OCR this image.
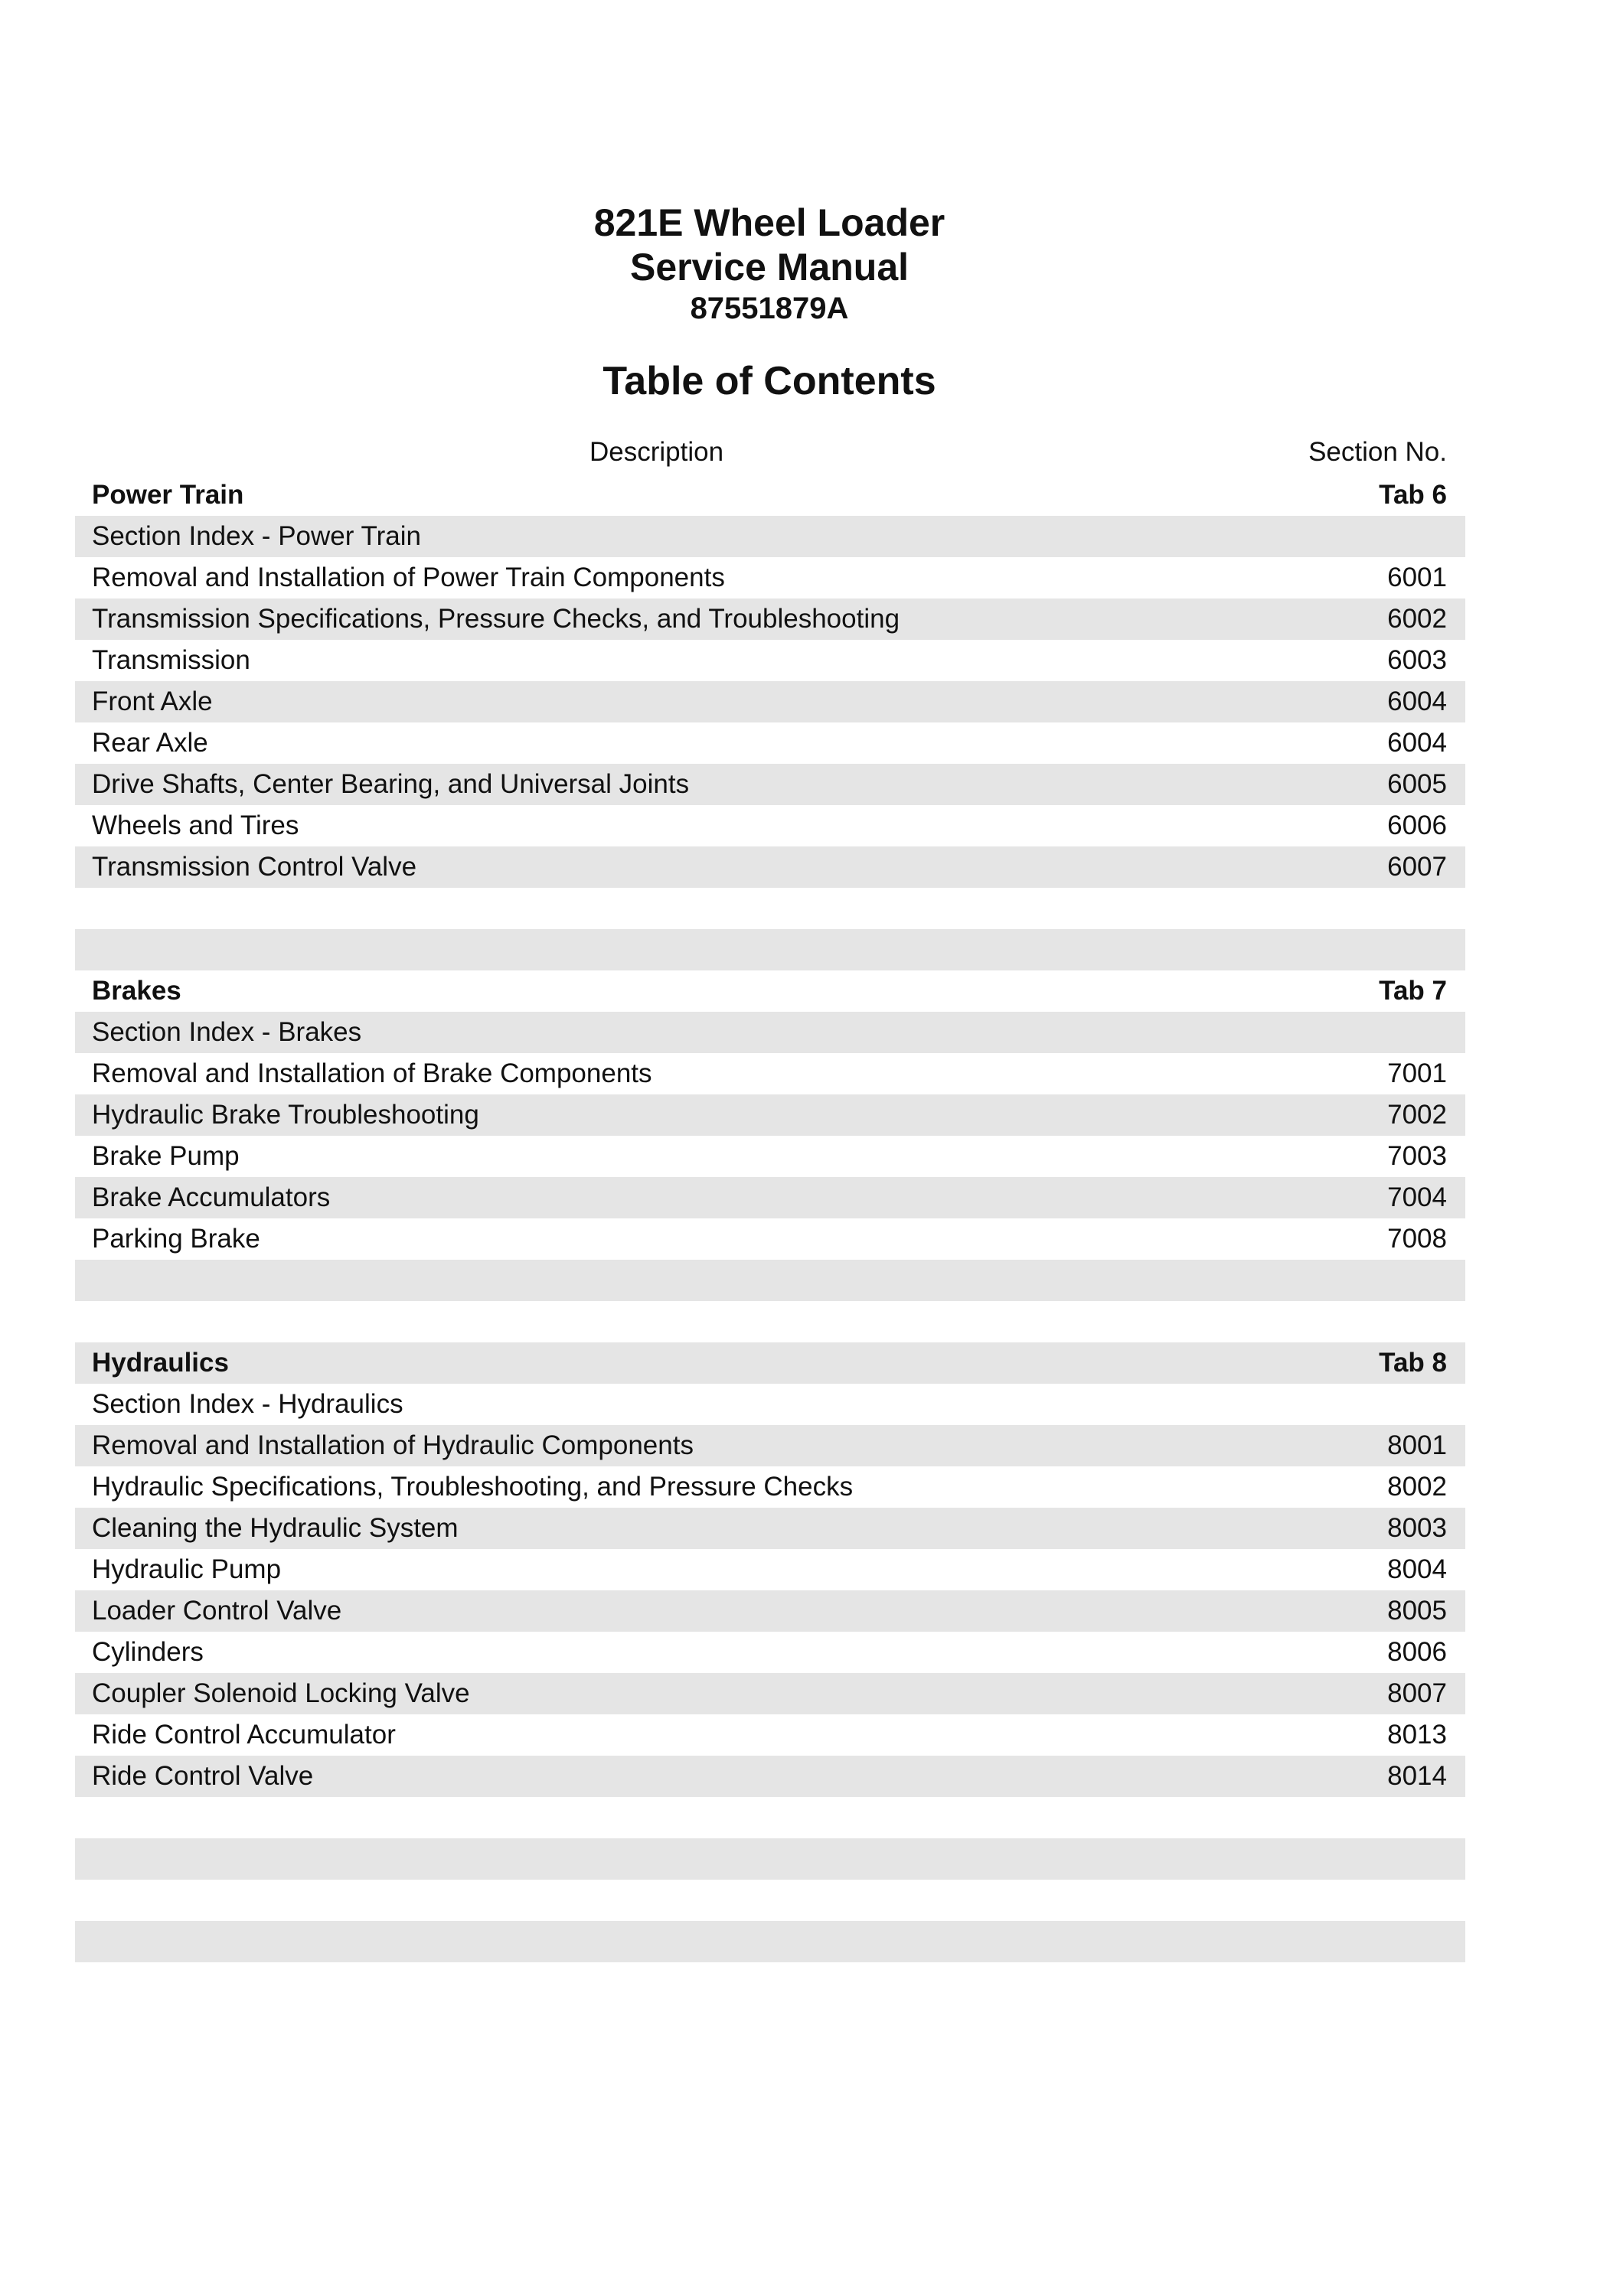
821E Wheel Loader

Service Manual

87551879A

Table of Contents

Description	Section No.
Power Train	Tab 6
Section Index - Power Train
Removal and Installation of Power Train Components	6001
Transmission Specifications, Pressure Checks, and Troubleshooting	6002
Transmission	6003
Front Axle	6004
Rear Axle	6004
Drive Shafts, Center Bearing, and Universal Joints	6005
Wheels and Tires	6006
Transmission Control Valve	6007
Brakes	Tab 7
Section Index - Brakes
Removal and Installation of Brake Components	7001
Hydraulic Brake Troubleshooting	7002
Brake Pump	7003
Brake Accumulators	7004
Parking Brake	7008
Hydraulics	Tab 8
Section Index - Hydraulics
Removal and Installation of Hydraulic Components	8001
Hydraulic Specifications, Troubleshooting, and Pressure Checks	8002
Cleaning the Hydraulic System	8003
Hydraulic Pump	8004
Loader Control Valve	8005
Cylinders	8006
Coupler Solenoid Locking Valve	8007
Ride Control Accumulator	8013
Ride Control Valve	8014
